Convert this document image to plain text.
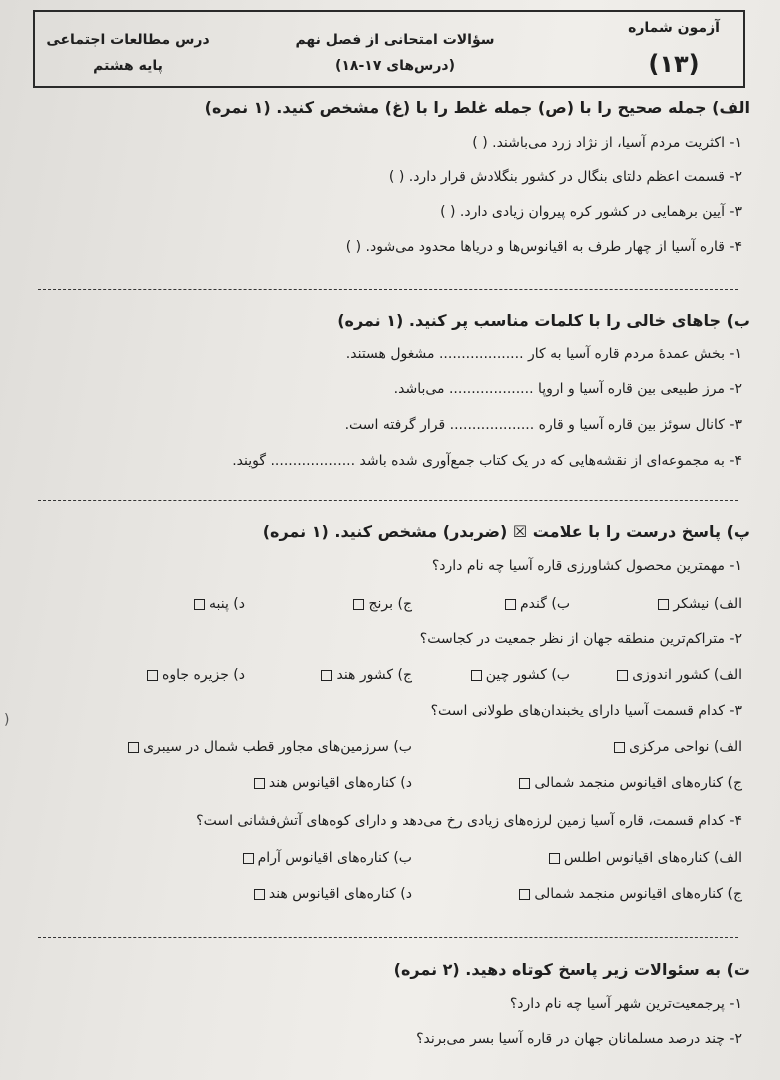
آزمون شماره
(۱۳)
سؤالات امتحانی از فصل نهم
(درس‌های ۱۷-۱۸)
درس مطالعات اجتماعی
پایه هشتم
الف) جمله صحیح را با (ص) جمله غلط را با (غ) مشخص کنید. (۱ نمره)
۱- اکثریت مردم آسیا، از نژاد زرد می‌باشند. ( )
۲- قسمت اعظم دلتای بنگال در کشور بنگلادش قرار دارد. ( )
۳- آیین برهمایی در کشور کره پیروان زیادی دارد. ( )
۴- قاره آسیا از چهار طرف به اقیانوس‌ها و دریاها محدود می‌شود. ( )
ب) جاهای خالی را با کلمات مناسب پر کنید. (۱ نمره)
۱- بخش عمدهٔ مردم قاره آسیا به کار ................... مشغول هستند.
۲- مرز طبیعی بین قاره آسیا و اروپا ................... می‌باشد.
۳- کانال سوئز بین قاره آسیا و قاره ................... قرار گرفته است.
۴- به مجموعه‌ای از نقشه‌هایی که در یک کتاب جمع‌آوری شده باشد ................... گویند.
پ) پاسخ درست را با علامت ☒ (ضربدر) مشخص کنید. (۱ نمره)
۱- مهمترین محصول کشاورزی قاره آسیا چه نام دارد؟
الف) نیشکر
ب) گندم
ج) برنج
د) پنبه
۲- متراکم‌ترین منطقه جهان از نظر جمعیت در کجاست؟
الف) کشور اندوزی
ب) کشور چین
ج) کشور هند
د) جزیره جاوه
۳- کدام قسمت آسیا دارای یخبندان‌های طولانی است؟
الف) نواحی مرکزی
ب) سرزمین‌های مجاور قطب شمال در سیبری
ج) کناره‌های اقیانوس منجمد شمالی
د) کناره‌های اقیانوس هند
۴- کدام قسمت، قاره آسیا زمین لرزه‌های زیادی رخ می‌دهد و دارای کوه‌های آتش‌فشانی است؟
الف) کناره‌های اقیانوس اطلس
ب) کناره‌های اقیانوس آرام
ج) کناره‌های اقیانوس منجمد شمالی
د) کناره‌های اقیانوس هند
ت) به سئوالات زیر پاسخ کوتاه دهید. (۲ نمره)
۱- پرجمعیت‌ترین شهر آسیا چه نام دارد؟
۲- چند درصد مسلمانان جهان در قاره آسیا بسر می‌برند؟
(
